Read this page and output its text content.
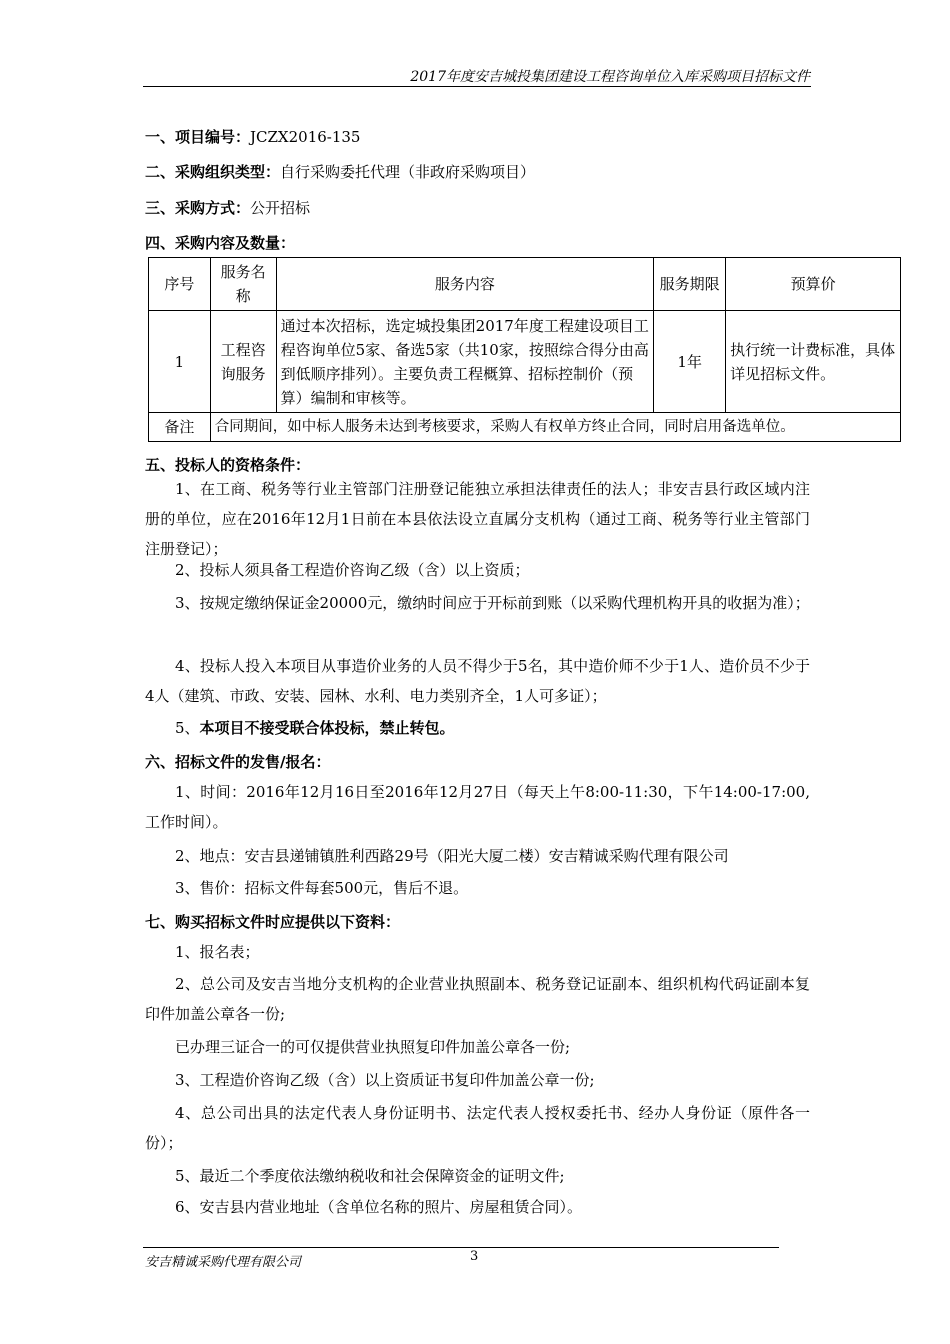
2017年度安吉城投集团建设工程咨询单位入库采购项目招标文件
一、项目编号：JCZX2016-135
二、采购组织类型：自行采购委托代理（非政府采购项目）
三、采购方式：公开招标
四、采购内容及数量：
序号	服务名称	服务内容	服务期限	预算价
1	工程咨询服务	通过本次招标，选定城投集团2017年度工程建设项目工程咨询单位5家、备选5家（共10家，按照综合得分由高到低顺序排列）。主要负责工程概算、招标控制价（预算）编制和审核等。	1年	执行统一计费标准，具体详见招标文件。
备注	合同期间，如中标人服务未达到考核要求，采购人有权单方终止合同，同时启用备选单位。			
五、投标人的资格条件：
1、在工商、税务等行业主管部门注册登记能独立承担法律责任的法人；非安吉县行政区域内注册的单位，应在2016年12月1日前在本县依法设立直属分支机构（通过工商、税务等行业主管部门注册登记）；
2、投标人须具备工程造价咨询乙级（含）以上资质；
3、按规定缴纳保证金20000元，缴纳时间应于开标前到账（以采购代理机构开具的收据为准）；
4、投标人投入本项目从事造价业务的人员不得少于5名，其中造价师不少于1人、造价员不少于4人（建筑、市政、安装、园林、水利、电力类别齐全，1人可多证）；
5、本项目不接受联合体投标，禁止转包。
六、招标文件的发售/报名：
1、时间：2016年12月16日至2016年12月27日（每天上午8:00-11:30，下午14:00-17:00,工作时间）。
2、地点：安吉县递铺镇胜利西路29号（阳光大厦二楼）安吉精诚采购代理有限公司
3、售价：招标文件每套500元，售后不退。
七、购买招标文件时应提供以下资料：
1、报名表；
2、总公司及安吉当地分支机构的企业营业执照副本、税务登记证副本、组织机构代码证副本复印件加盖公章各一份;
已办理三证合一的可仅提供营业执照复印件加盖公章各一份;
3、工程造价咨询乙级（含）以上资质证书复印件加盖公章一份;
4、总公司出具的法定代表人身份证明书、法定代表人授权委托书、经办人身份证（原件各一份）；
5、最近二个季度依法缴纳税收和社会保障资金的证明文件;
6、安吉县内营业地址（含单位名称的照片、房屋租赁合同）。
安吉精诚采购代理有限公司	3
